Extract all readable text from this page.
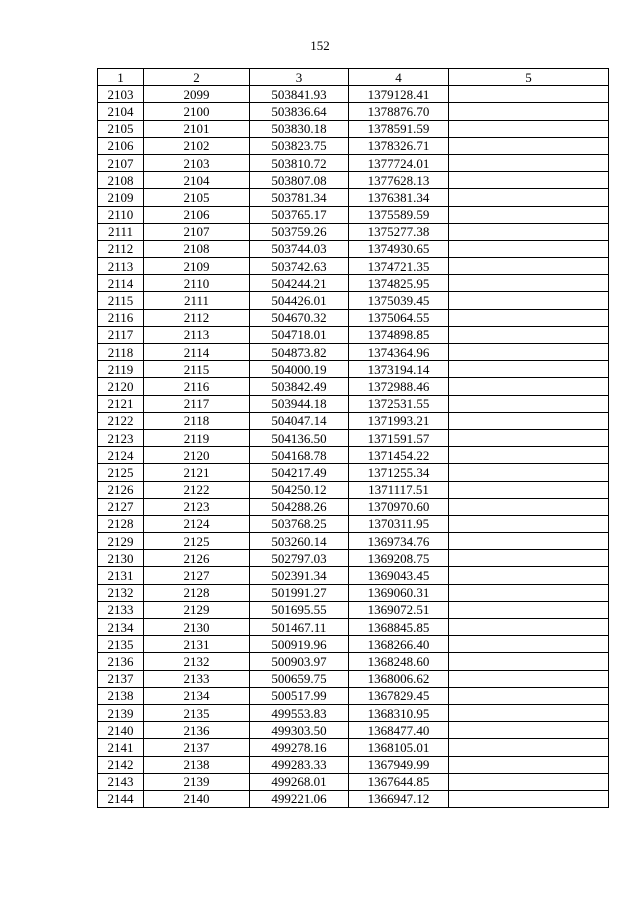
152
1	2	3	4	5
2103	2099	503841.93	1379128.41	
2104	2100	503836.64	1378876.70	
2105	2101	503830.18	1378591.59	
2106	2102	503823.75	1378326.71	
2107	2103	503810.72	1377724.01	
2108	2104	503807.08	1377628.13	
2109	2105	503781.34	1376381.34	
2110	2106	503765.17	1375589.59	
2111	2107	503759.26	1375277.38	
2112	2108	503744.03	1374930.65	
2113	2109	503742.63	1374721.35	
2114	2110	504244.21	1374825.95	
2115	2111	504426.01	1375039.45	
2116	2112	504670.32	1375064.55	
2117	2113	504718.01	1374898.85	
2118	2114	504873.82	1374364.96	
2119	2115	504000.19	1373194.14	
2120	2116	503842.49	1372988.46	
2121	2117	503944.18	1372531.55	
2122	2118	504047.14	1371993.21	
2123	2119	504136.50	1371591.57	
2124	2120	504168.78	1371454.22	
2125	2121	504217.49	1371255.34	
2126	2122	504250.12	1371117.51	
2127	2123	504288.26	1370970.60	
2128	2124	503768.25	1370311.95	
2129	2125	503260.14	1369734.76	
2130	2126	502797.03	1369208.75	
2131	2127	502391.34	1369043.45	
2132	2128	501991.27	1369060.31	
2133	2129	501695.55	1369072.51	
2134	2130	501467.11	1368845.85	
2135	2131	500919.96	1368266.40	
2136	2132	500903.97	1368248.60	
2137	2133	500659.75	1368006.62	
2138	2134	500517.99	1367829.45	
2139	2135	499553.83	1368310.95	
2140	2136	499303.50	1368477.40	
2141	2137	499278.16	1368105.01	
2142	2138	499283.33	1367949.99	
2143	2139	499268.01	1367644.85	
2144	2140	499221.06	1366947.12	
